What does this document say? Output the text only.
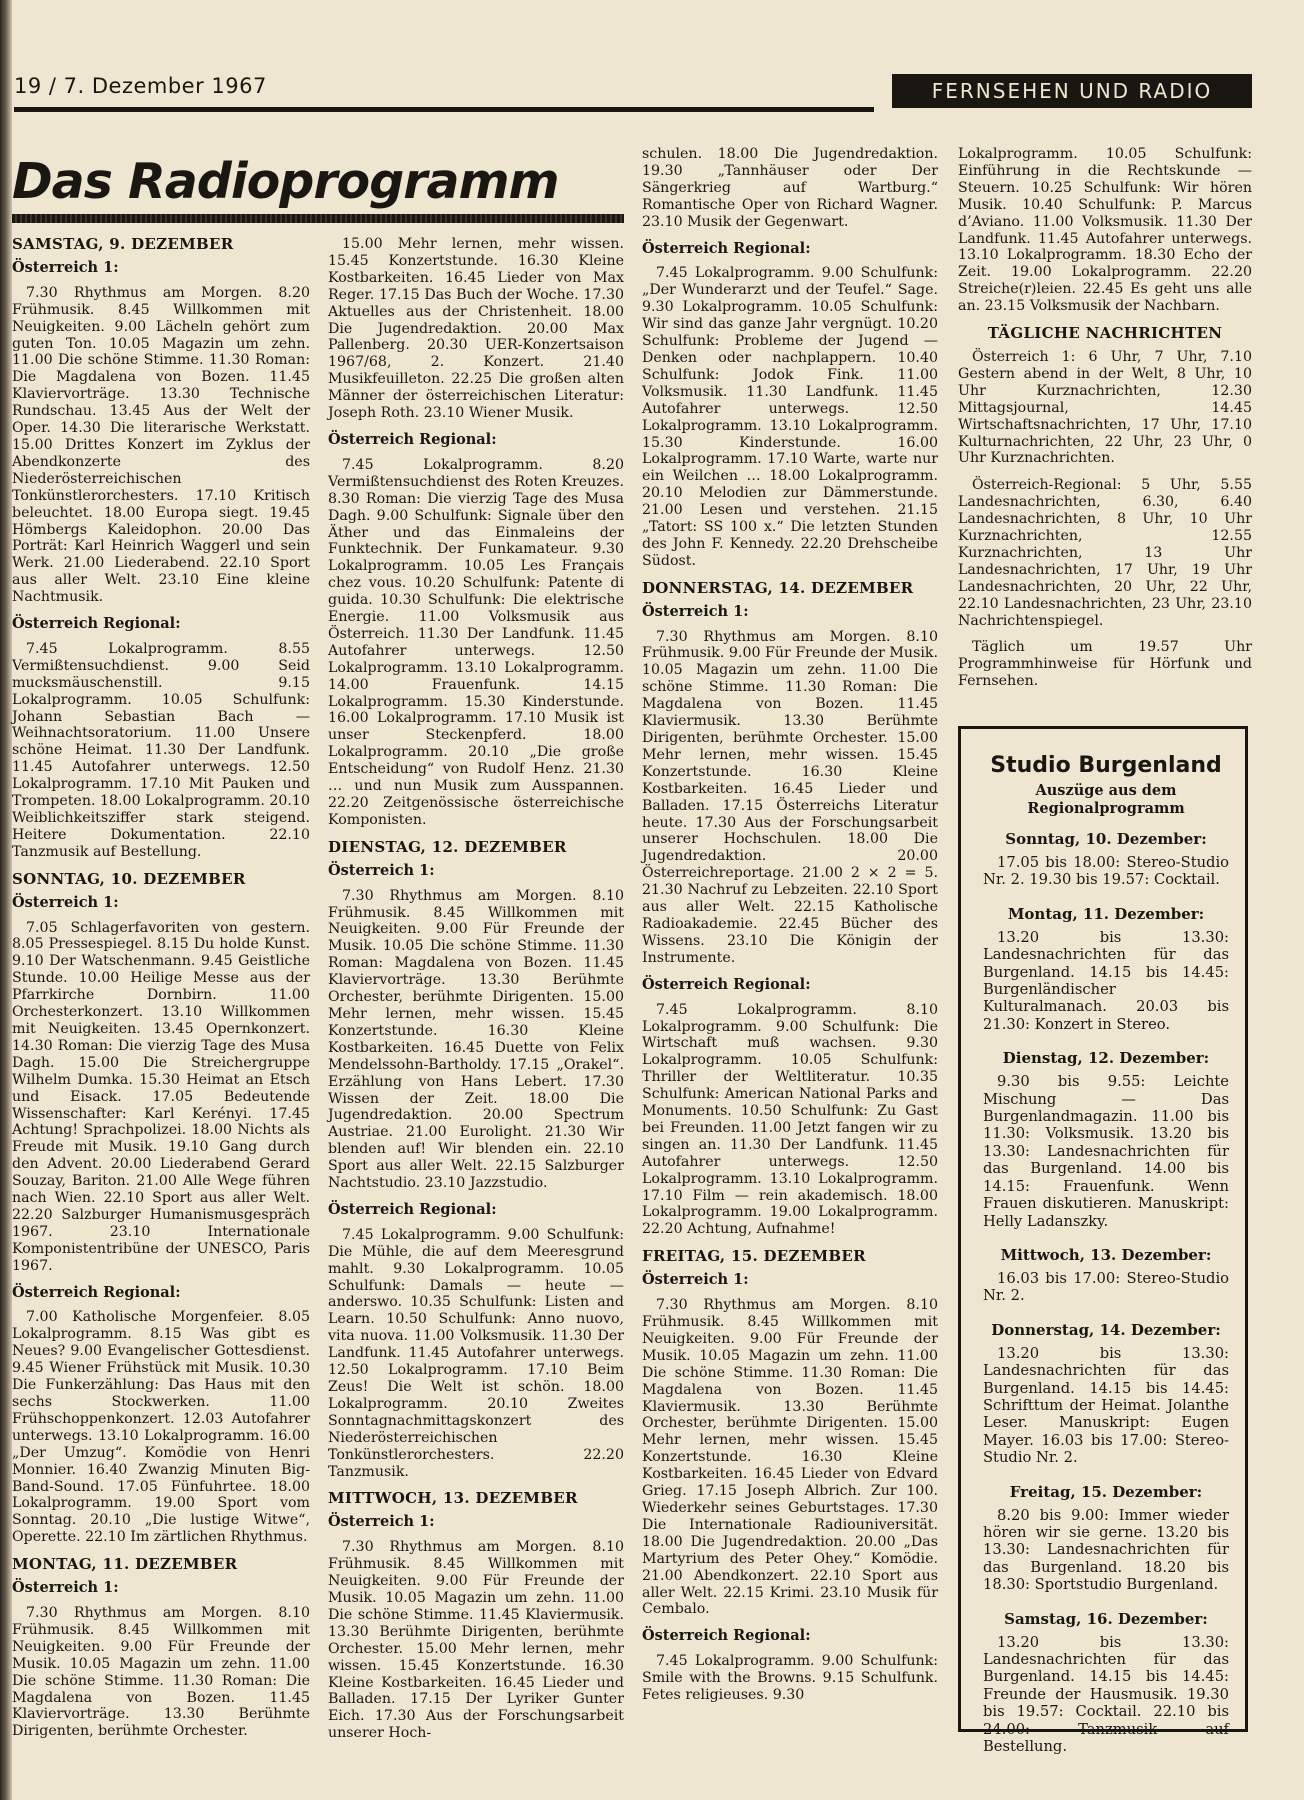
19 / 7. Dezember 1967	FERNSEHEN UND RADIO
Das Radioprogramm
SAMSTAG, 9. DEZEMBER
Österreich 1:

7.30 Rhythmus am Morgen. 8.20 Frühmusik. 8.45 Willkommen mit Neuigkeiten. 9.00 Lächeln gehört zum guten Ton. 10.05 Magazin um zehn. 11.00 Die schöne Stimme. 11.30 Roman: Die Magdalena von Bozen. 11.45 Klaviervorträge. 13.30 Technische Rundschau. 13.45 Aus der Welt der Oper. 14.30 Die literarische Werkstatt. 15.00 Drittes Konzert im Zyklus der Abendkonzerte des Niederösterreichischen Tonkünstlerorchesters. 17.10 Kritisch beleuchtet. 18.00 Europa siegt. 19.45 Hömbergs Kaleidophon. 20.00 Das Porträt: Karl Heinrich Waggerl und sein Werk. 21.00 Liederabend. 22.10 Sport aus aller Welt. 23.10 Eine kleine Nachtmusik.

Österreich Regional:

7.45 Lokalprogramm. 8.55 Vermißtensuchdienst. 9.00 Seid mucksmäuschenstill. 9.15 Lokalprogramm. 10.05 Schulfunk: Johann Sebastian Bach — Weihnachtsoratorium. 11.00 Unsere schöne Heimat. 11.30 Der Landfunk. 11.45 Autofahrer unterwegs. 12.50 Lokalprogramm. 17.10 Mit Pauken und Trompeten. 18.00 Lokalprogramm. 20.10 Weiblichkeitsziffer stark steigend. Heitere Dokumentation. 22.10 Tanzmusik auf Bestellung.

SONNTAG, 10. DEZEMBER
Österreich 1:

7.05 Schlagerfavoriten von gestern. 8.05 Pressespiegel. 8.15 Du holde Kunst. 9.10 Der Watschenmann. 9.45 Geistliche Stunde. 10.00 Heilige Messe aus der Pfarrkirche Dornbirn. 11.00 Orchesterkonzert. 13.10 Willkommen mit Neuigkeiten. 13.45 Opernkonzert. 14.30 Roman: Die vierzig Tage des Musa Dagh. 15.00 Die Streichergruppe Wilhelm Dumka. 15.30 Heimat an Etsch und Eisack. 17.05 Bedeutende Wissenschafter: Karl Kerényi. 17.45 Achtung! Sprachpolizei. 18.00 Nichts als Freude mit Musik. 19.10 Gang durch den Advent. 20.00 Liederabend Gerard Souzay, Bariton. 21.00 Alle Wege führen nach Wien. 22.10 Sport aus aller Welt. 22.20 Salzburger Humanismusgespräch 1967. 23.10 Internationale Komponistentribüne der UNESCO, Paris 1967.

Österreich Regional:

7.00 Katholische Morgenfeier. 8.05 Lokalprogramm. 8.15 Was gibt es Neues? 9.00 Evangelischer Gottesdienst. 9.45 Wiener Frühstück mit Musik. 10.30 Die Funkerzählung: Das Haus mit den sechs Stockwerken. 11.00 Frühschoppenkonzert. 12.03 Autofahrer unterwegs. 13.10 Lokalprogramm. 16.00 „Der Umzug“. Komödie von Henri Monnier. 16.40 Zwanzig Minuten Big-Band-Sound. 17.05 Fünfuhrtee. 18.00 Lokalprogramm. 19.00 Sport vom Sonntag. 20.10 „Die lustige Witwe“, Operette. 22.10 Im zärtlichen Rhythmus.

MONTAG, 11. DEZEMBER
Österreich 1:

7.30 Rhythmus am Morgen. 8.10 Frühmusik. 8.45 Willkommen mit Neuigkeiten. 9.00 Für Freunde der Musik. 10.05 Magazin um zehn. 11.00 Die schöne Stimme. 11.30 Roman: Die Magdalena von Bozen. 11.45 Klaviervorträge. 13.30 Berühmte Dirigenten, berühmte Orchester.

15.00 Mehr lernen, mehr wissen. 15.45 Konzertstunde. 16.30 Kleine Kostbarkeiten. 16.45 Lieder von Max Reger. 17.15 Das Buch der Woche. 17.30 Aktuelles aus der Christenheit. 18.00 Die Jugendredaktion. 20.00 Max Pallenberg. 20.30 UER-Konzertsaison 1967/68, 2. Konzert. 21.40 Musikfeuilleton. 22.25 Die großen alten Männer der österreichischen Literatur: Joseph Roth. 23.10 Wiener Musik.

Österreich Regional:

7.45 Lokalprogramm. 8.20 Vermißtensuchdienst des Roten Kreuzes. 8.30 Roman: Die vierzig Tage des Musa Dagh. 9.00 Schulfunk: Signale über den Äther und das Einmaleins der Funktechnik. Der Funkamateur. 9.30 Lokalprogramm. 10.05 Les Français chez vous. 10.20 Schulfunk: Patente di guida. 10.30 Schulfunk: Die elektrische Energie. 11.00 Volksmusik aus Österreich. 11.30 Der Landfunk. 11.45 Autofahrer unterwegs. 12.50 Lokalprogramm. 13.10 Lokalprogramm. 14.00 Frauenfunk. 14.15 Lokalprogramm. 15.30 Kinderstunde. 16.00 Lokalprogramm. 17.10 Musik ist unser Steckenpferd. 18.00 Lokalprogramm. 20.10 „Die große Entscheidung“ von Rudolf Henz. 21.30 … und nun Musik zum Ausspannen. 22.20 Zeitgenössische österreichische Komponisten.

DIENSTAG, 12. DEZEMBER
Österreich 1:

7.30 Rhythmus am Morgen. 8.10 Frühmusik. 8.45 Willkommen mit Neuigkeiten. 9.00 Für Freunde der Musik. 10.05 Die schöne Stimme. 11.30 Roman: Magdalena von Bozen. 11.45 Klaviervorträge. 13.30 Berühmte Orchester, berühmte Dirigenten. 15.00 Mehr lernen, mehr wissen. 15.45 Konzertstunde. 16.30 Kleine Kostbarkeiten. 16.45 Duette von Felix Mendelssohn-Bartholdy. 17.15 „Orakel“. Erzählung von Hans Lebert. 17.30 Wissen der Zeit. 18.00 Die Jugendredaktion. 20.00 Spectrum Austriae. 21.00 Eurolight. 21.30 Wir blenden auf! Wir blenden ein. 22.10 Sport aus aller Welt. 22.15 Salzburger Nachtstudio. 23.10 Jazzstudio.

Österreich Regional:

7.45 Lokalprogramm. 9.00 Schulfunk: Die Mühle, die auf dem Meeresgrund mahlt. 9.30 Lokalprogramm. 10.05 Schulfunk: Damals — heute — anderswo. 10.35 Schulfunk: Listen and Learn. 10.50 Schulfunk: Anno nuovo, vita nuova. 11.00 Volksmusik. 11.30 Der Landfunk. 11.45 Autofahrer unterwegs. 12.50 Lokalprogramm. 17.10 Beim Zeus! Die Welt ist schön. 18.00 Lokalprogramm. 20.10 Zweites Sonntagnachmittagskonzert des Niederösterreichischen Tonkünstlerorchesters. 22.20 Tanzmusik.

MITTWOCH, 13. DEZEMBER
Österreich 1:

7.30 Rhythmus am Morgen. 8.10 Frühmusik. 8.45 Willkommen mit Neuigkeiten. 9.00 Für Freunde der Musik. 10.05 Magazin um zehn. 11.00 Die schöne Stimme. 11.45 Klaviermusik. 13.30 Berühmte Dirigenten, berühmte Orchester. 15.00 Mehr lernen, mehr wissen. 15.45 Konzertstunde. 16.30 Kleine Kostbarkeiten. 16.45 Lieder und Balladen. 17.15 Der Lyriker Gunter Eich. 17.30 Aus der Forschungsarbeit unserer Hoch-

schulen. 18.00 Die Jugendredaktion. 19.30 „Tannhäuser oder Der Sängerkrieg auf Wartburg.“ Romantische Oper von Richard Wagner. 23.10 Musik der Gegenwart.

Österreich Regional:

7.45 Lokalprogramm. 9.00 Schulfunk: „Der Wunderarzt und der Teufel.“ Sage. 9.30 Lokalprogramm. 10.05 Schulfunk: Wir sind das ganze Jahr vergnügt. 10.20 Schulfunk: Probleme der Jugend — Denken oder nachplappern. 10.40 Schulfunk: Jodok Fink. 11.00 Volksmusik. 11.30 Landfunk. 11.45 Autofahrer unterwegs. 12.50 Lokalprogramm. 13.10 Lokalprogramm. 15.30 Kinderstunde. 16.00 Lokalprogramm. 17.10 Warte, warte nur ein Weilchen … 18.00 Lokalprogramm. 20.10 Melodien zur Dämmerstunde. 21.00 Lesen und verstehen. 21.15 „Tatort: SS 100 x.“ Die letzten Stunden des John F. Kennedy. 22.20 Drehscheibe Südost.

DONNERSTAG, 14. DEZEMBER
Österreich 1:

7.30 Rhythmus am Morgen. 8.10 Frühmusik. 9.00 Für Freunde der Musik. 10.05 Magazin um zehn. 11.00 Die schöne Stimme. 11.30 Roman: Die Magdalena von Bozen. 11.45 Klaviermusik. 13.30 Berühmte Dirigenten, berühmte Orchester. 15.00 Mehr lernen, mehr wissen. 15.45 Konzertstunde. 16.30 Kleine Kostbarkeiten. 16.45 Lieder und Balladen. 17.15 Österreichs Literatur heute. 17.30 Aus der Forschungsarbeit unserer Hochschulen. 18.00 Die Jugendredaktion. 20.00 Österreichreportage. 21.00 2 × 2 = 5. 21.30 Nachruf zu Lebzeiten. 22.10 Sport aus aller Welt. 22.15 Katholische Radioakademie. 22.45 Bücher des Wissens. 23.10 Die Königin der Instrumente.

Österreich Regional:

7.45 Lokalprogramm. 8.10 Lokalprogramm. 9.00 Schulfunk: Die Wirtschaft muß wachsen. 9.30 Lokalprogramm. 10.05 Schulfunk: Thriller der Weltliteratur. 10.35 Schulfunk: American National Parks and Monuments. 10.50 Schulfunk: Zu Gast bei Freunden. 11.00 Jetzt fangen wir zu singen an. 11.30 Der Landfunk. 11.45 Autofahrer unterwegs. 12.50 Lokalprogramm. 13.10 Lokalprogramm. 17.10 Film — rein akademisch. 18.00 Lokalprogramm. 19.00 Lokalprogramm. 22.20 Achtung, Aufnahme!

FREITAG, 15. DEZEMBER
Österreich 1:

7.30 Rhythmus am Morgen. 8.10 Frühmusik. 8.45 Willkommen mit Neuigkeiten. 9.00 Für Freunde der Musik. 10.05 Magazin um zehn. 11.00 Die schöne Stimme. 11.30 Roman: Die Magdalena von Bozen. 11.45 Klaviermusik. 13.30 Berühmte Orchester, berühmte Dirigenten. 15.00 Mehr lernen, mehr wissen. 15.45 Konzertstunde. 16.30 Kleine Kostbarkeiten. 16.45 Lieder von Edvard Grieg. 17.15 Joseph Albrich. Zur 100. Wiederkehr seines Geburtstages. 17.30 Die Internationale Radiouniversität. 18.00 Die Jugendredaktion. 20.00 „Das Martyrium des Peter Ohey.“ Komödie. 21.00 Abendkonzert. 22.10 Sport aus aller Welt. 22.15 Krimi. 23.10 Musik für Cembalo.

Österreich Regional:

7.45 Lokalprogramm. 9.00 Schulfunk: Smile with the Browns. 9.15 Schulfunk. Fetes religieuses. 9.30

Lokalprogramm. 10.05 Schulfunk: Einführung in die Rechtskunde — Steuern. 10.25 Schulfunk: Wir hören Musik. 10.40 Schulfunk: P. Marcus d’Aviano. 11.00 Volksmusik. 11.30 Der Landfunk. 11.45 Autofahrer unterwegs. 13.10 Lokalprogramm. 18.30 Echo der Zeit. 19.00 Lokalprogramm. 22.20 Streiche(r)leien. 22.45 Es geht uns alle an. 23.15 Volksmusik der Nachbarn.

TÄGLICHE NACHRICHTEN

Österreich 1: 6 Uhr, 7 Uhr, 7.10 Gestern abend in der Welt, 8 Uhr, 10 Uhr Kurznachrichten, 12.30 Mittagsjournal, 14.45 Wirtschaftsnachrichten, 17 Uhr, 17.10 Kulturnachrichten, 22 Uhr, 23 Uhr, 0 Uhr Kurznachrichten.

Österreich-Regional: 5 Uhr, 5.55 Landesnachrichten, 6.30, 6.40 Landesnachrichten, 8 Uhr, 10 Uhr Kurznachrichten, 12.55 Kurznachrichten, 13 Uhr Landesnachrichten, 17 Uhr, 19 Uhr Landesnachrichten, 20 Uhr, 22 Uhr, 22.10 Landesnachrichten, 23 Uhr, 23.10 Nachrichtenspiegel.

Täglich um 19.57 Uhr Programmhinweise für Hörfunk und Fernsehen.

Studio Burgenland
Auszüge aus dem Regionalprogramm
Sonntag, 10. Dezember:

17.05 bis 18.00: Stereo-Studio Nr. 2. 19.30 bis 19.57: Cocktail.

Montag, 11. Dezember:

13.20 bis 13.30: Landesnachrichten für das Burgenland. 14.15 bis 14.45: Burgenländischer Kulturalmanach. 20.03 bis 21.30: Konzert in Stereo.

Dienstag, 12. Dezember:

9.30 bis 9.55: Leichte Mischung — Das Burgenlandmagazin. 11.00 bis 11.30: Volksmusik. 13.20 bis 13.30: Landesnachrichten für das Burgenland. 14.00 bis 14.15: Frauenfunk. Wenn Frauen diskutieren. Manuskript: Helly Ladanszky.

Mittwoch, 13. Dezember:

16.03 bis 17.00: Stereo-Studio Nr. 2.

Donnerstag, 14. Dezember:

13.20 bis 13.30: Landesnachrichten für das Burgenland. 14.15 bis 14.45: Schrifttum der Heimat. Jolanthe Leser. Manuskript: Eugen Mayer. 16.03 bis 17.00: Stereo-Studio Nr. 2.

Freitag, 15. Dezember:

8.20 bis 9.00: Immer wieder hören wir sie gerne. 13.20 bis 13.30: Landesnachrichten für das Burgenland. 18.20 bis 18.30: Sportstudio Burgenland.

Samstag, 16. Dezember:

13.20 bis 13.30: Landesnachrichten für das Burgenland. 14.15 bis 14.45: Freunde der Hausmusik. 19.30 bis 19.57: Cocktail. 22.10 bis 24.00: Tanzmusik auf Bestellung.
